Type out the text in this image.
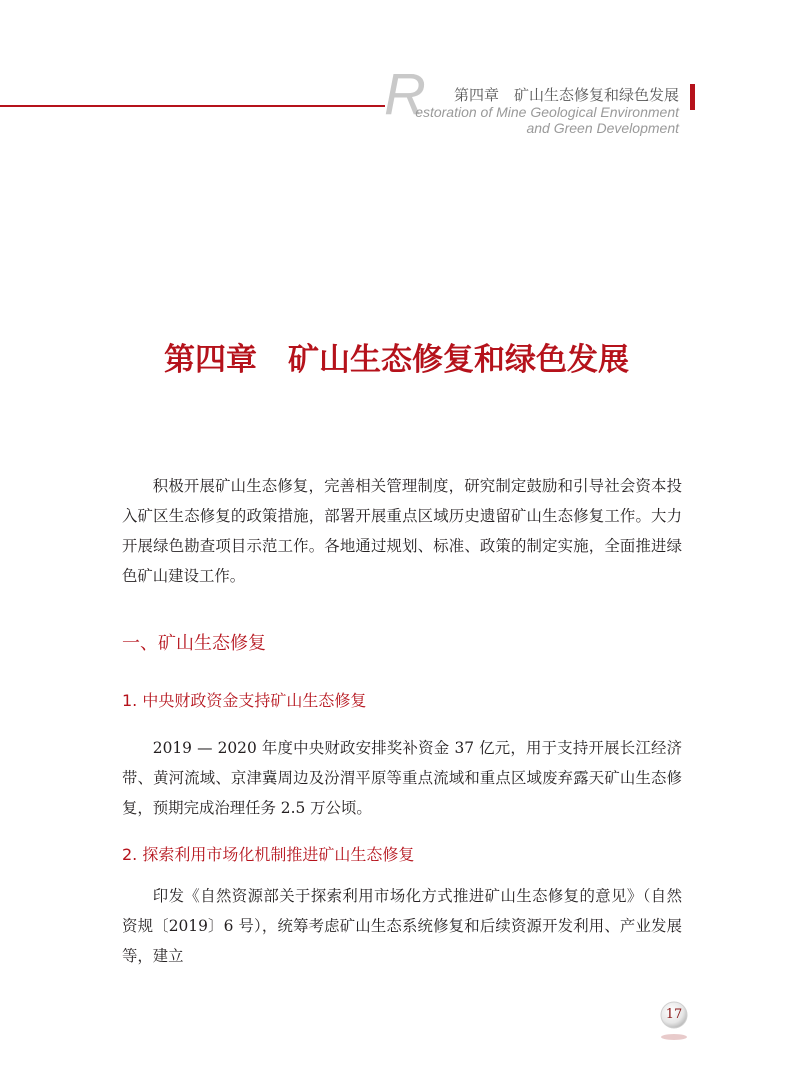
R 第四章　矿山生态修复和绿色发展
estoration of Mine Geological Environment
and Green Development
第四章　矿山生态修复和绿色发展
积极开展矿山生态修复，完善相关管理制度，研究制定鼓励和引导社会资本投入矿区生态修复的政策措施，部署开展重点区域历史遗留矿山生态修复工作。大力开展绿色勘查项目示范工作。各地通过规划、标准、政策的制定实施，全面推进绿色矿山建设工作。
一、矿山生态修复
1. 中央财政资金支持矿山生态修复
2019 — 2020 年度中央财政安排奖补资金 37 亿元，用于支持开展长江经济带、黄河流域、京津冀周边及汾渭平原等重点流域和重点区域废弃露天矿山生态修复，预期完成治理任务 2.5 万公顷。
2. 探索利用市场化机制推进矿山生态修复
印发《自然资源部关于探索利用市场化方式推进矿山生态修复的意见》（自然资规〔2019〕6 号），统筹考虑矿山生态系统修复和后续资源开发利用、产业发展等，建立
17
